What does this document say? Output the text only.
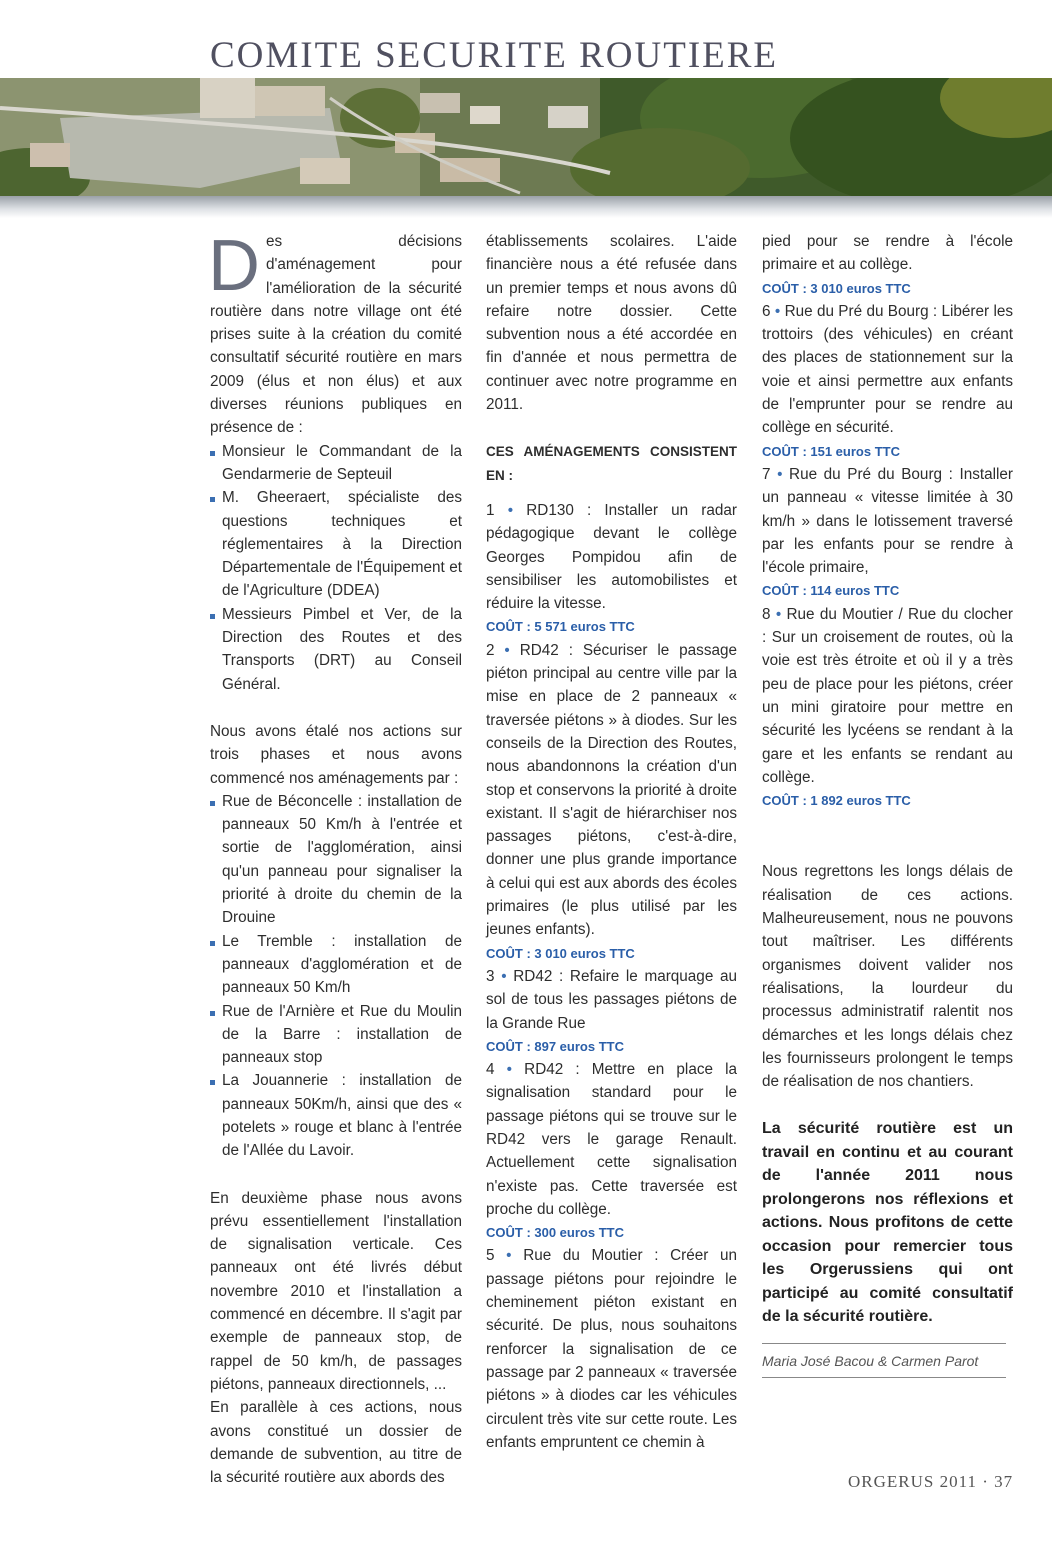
COMITE SECURITE ROUTIERE

Des décisions d'aménagement pour l'amélioration de la sécurité routière dans notre village ont été prises suite à la création du comité consultatif sécurité routière en mars 2009 (élus et non élus) et aux diverses réunions publiques en présence de :

Monsieur le Commandant de la Gendarmerie de Septeuil
M. Gheeraert, spécialiste des questions techniques et réglementaires à la Direction Départementale de l'Équipement et de l'Agriculture (DDEA)
Messieurs Pimbel et Ver, de la Direction des Routes et des Transports (DRT) au Conseil Général.

Nous avons étalé nos actions sur trois phases et nous avons commencé nos aménagements par :

Rue de Béconcelle : installation de panneaux 50 Km/h à l'entrée et sortie de l'agglomération, ainsi qu'un panneau pour signaliser la priorité à droite du chemin de la Drouine
Le Tremble : installation de panneaux d'agglomération et de panneaux 50 Km/h
Rue de l'Arnière et Rue du Moulin de la Barre : installation de panneaux stop
La Jouannerie : installation de panneaux 50Km/h, ainsi que des « potelets » rouge et blanc à l'entrée de l'Allée du Lavoir.

En deuxième phase nous avons prévu essentiellement l'installation de signalisation verticale. Ces panneaux ont été livrés début novembre 2010 et l'installation a commencé en décembre. Il s'agit par exemple de panneaux stop, de rappel de 50 km/h, de passages piétons, panneaux directionnels, ...

En parallèle à ces actions, nous avons constitué un dossier de demande de subvention, au titre de la sécurité routière aux abords des

établissements scolaires. L'aide financière nous a été refusée dans un premier temps et nous avons dû refaire notre dossier. Cette subvention nous a été accordée en fin d'année et nous permettra de continuer avec notre programme en 2011.

CES AMÉNAGEMENTS CONSISTENT EN :

1 • RD130 : Installer un radar pédagogique devant le collège Georges Pompidou afin de sensibiliser les automobilistes et réduire la vitesse.

COÛT : 5 571 euros TTC

2 • RD42 : Sécuriser le passage piéton principal au centre ville par la mise en place de 2 panneaux « traversée piétons » à diodes. Sur les conseils de la Direction des Routes, nous abandonnons la création d'un stop et conservons la priorité à droite existant. Il s'agit de hiérarchiser nos passages piétons, c'est-à-dire, donner une plus grande importance à celui qui est aux abords des écoles primaires (le plus utilisé par les jeunes enfants).

COÛT : 3 010 euros TTC

3 • RD42 : Refaire le marquage au sol de tous les passages piétons de la Grande Rue

COÛT : 897 euros TTC

4 • RD42 : Mettre en place la signalisation standard pour le passage piétons qui se trouve sur le RD42 vers le garage Renault. Actuellement cette signalisation n'existe pas. Cette traversée est proche du collège.

COÛT : 300 euros TTC

5 • Rue du Moutier : Créer un passage piétons pour rejoindre le cheminement piéton existant en sécurité. De plus, nous souhaitons renforcer la signalisation de ce passage par 2 panneaux « traversée piétons » à diodes car les véhicules circulent très vite sur cette route. Les enfants empruntent ce chemin à

pied pour se rendre à l'école primaire et au collège.

COÛT : 3 010 euros TTC

6 • Rue du Pré du Bourg : Libérer les trottoirs (des véhicules) en créant des places de stationnement sur la voie et ainsi permettre aux enfants de l'emprunter pour se rendre au collège en sécurité.

COÛT : 151 euros TTC

7 • Rue du Pré du Bourg : Installer un panneau « vitesse limitée à 30 km/h » dans le lotissement traversé par les enfants pour se rendre à l'école primaire,

COÛT : 114 euros TTC

8 • Rue du Moutier / Rue du clocher : Sur un croisement de routes, où la voie est très étroite et où il y a très peu de place pour les piétons, créer un mini giratoire pour mettre en sécurité les lycéens se rendant à la gare et les enfants se rendant au collège.

COÛT : 1 892 euros TTC

Nous regrettons les longs délais de réalisation de ces actions. Malheureusement, nous ne pouvons tout maîtriser. Les différents organismes doivent valider nos réalisations, la lourdeur du processus administratif ralentit nos démarches et les longs délais chez les fournisseurs prolongent le temps de réalisation de nos chantiers.

La sécurité routière est un travail en continu et au courant de l'année 2011 nous prolongerons nos réflexions et actions. Nous profitons de cette occasion pour remercier tous les Orgerussiens qui ont participé au comité consultatif de la sécurité routière.

Maria José Bacou & Carmen Parot
ORGERUS 2011 · 37
